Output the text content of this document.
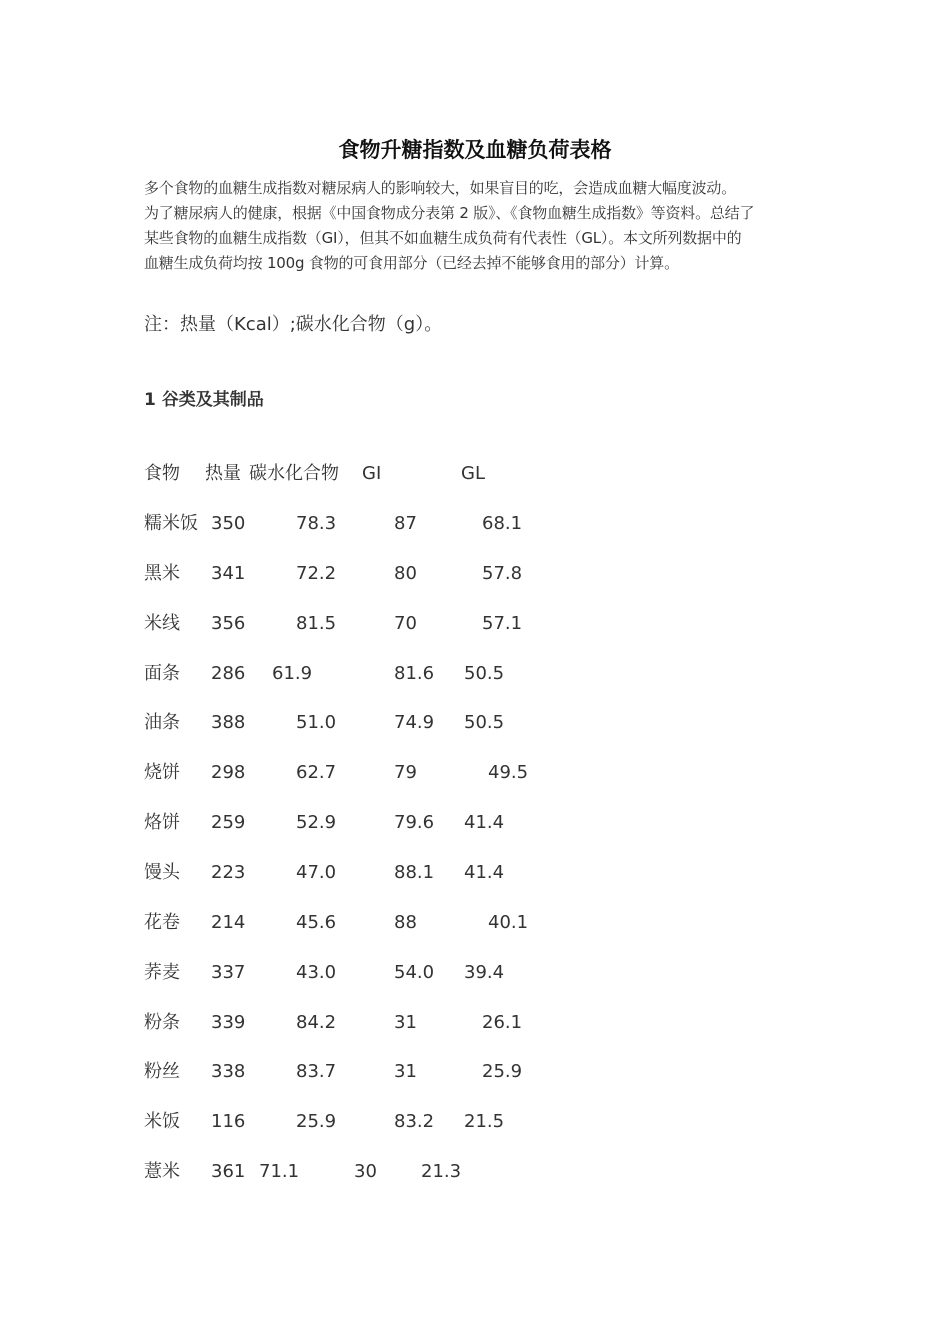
食物升糖指数及血糖负荷表格
多个食物的血糖生成指数对糖尿病人的影响较大，如果盲目的吃，会造成血糖大幅度波动。
为了糖尿病人的健康，根据《中国食物成分表第 2 版》、《食物血糖生成指数》等资料。总结了
某些食物的血糖生成指数（GI），但其不如血糖生成负荷有代表性（GL）。本文所列数据中的
血糖生成负荷均按 100g 食物的可食用部分（已经去掉不能够食用的部分）计算。

注：热量（Kcal）;碳水化合物（g）。

1 谷类及其制品
食物 热量 碳水化合物 GI	GL
糯米饭 350	78.3	87	68.1
黑米 341	72.2	80	57.8
米线 356	81.5	70	57.1
面条 286 61.9	81.6 50.5
油条 388	51.0	74.9 50.5
烧饼 298	62.7	79	49.5
烙饼 259	52.9	79.6 41.4
馒头 223	47.0	88.1 41.4
花卷 214	45.6	88	40.1
荞麦 337	43.0	54.0 39.4
粉条 339	84.2	31	26.1
粉丝 338	83.7	31	25.9
米饭 116	25.9	83.2 21.5
薏米 361 71.1	30 21.3
